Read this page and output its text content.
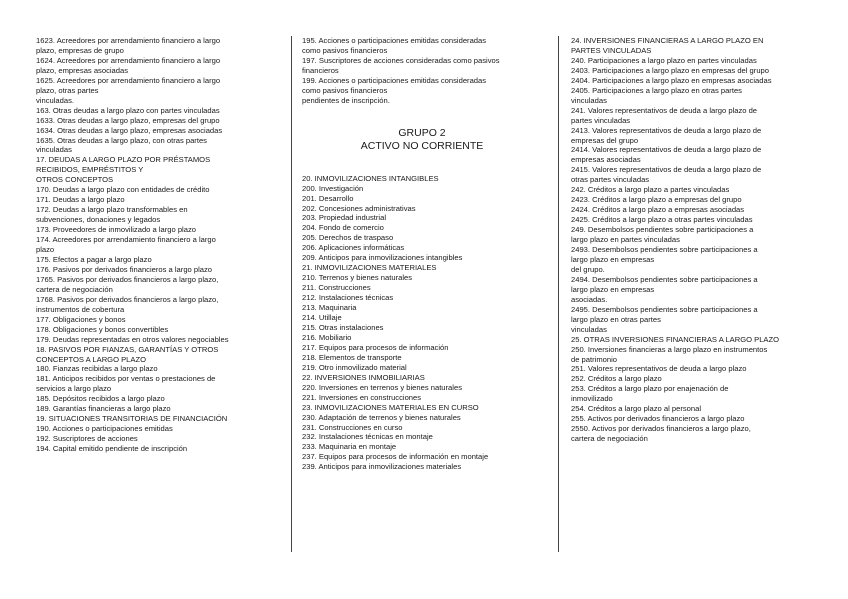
1623. Acreedores por arrendamiento financiero a largo
plazo, empresas de grupo
1624. Acreedores por arrendamiento financiero a largo
plazo, empresas asociadas
1625. Acreedores por arrendamiento financiero a largo
plazo, otras partes
vinculadas.
163. Otras deudas a largo plazo con partes vinculadas
1633. Otras deudas a largo plazo, empresas del grupo
1634. Otras deudas a largo plazo, empresas asociadas
1635. Otras deudas a largo plazo, con otras partes
vinculadas
17. DEUDAS A LARGO PLAZO POR PRÉSTAMOS
RECIBIDOS, EMPRÉSTITOS Y
OTROS CONCEPTOS
170. Deudas a largo plazo con entidades de crédito
171. Deudas a largo plazo
172. Deudas a largo plazo transformables en
subvenciones, donaciones y legados
173. Proveedores de inmovilizado a largo plazo
174. Acreedores por arrendamiento financiero a largo
plazo
175. Efectos a pagar a largo plazo
176. Pasivos por derivados financieros a largo plazo
1765. Pasivos por derivados financieros a largo plazo,
cartera de negociación
1768. Pasivos por derivados financieros a largo plazo,
instrumentos de cobertura
177. Obligaciones y bonos
178. Obligaciones y bonos convertibles
179. Deudas representadas en otros valores negociables
18. PASIVOS POR FIANZAS, GARANTÍAS Y OTROS
CONCEPTOS A LARGO PLAZO
180. Fianzas recibidas a largo plazo
181. Anticipos recibidos por ventas o prestaciones de
servicios a largo plazo
185. Depósitos recibidos a largo plazo
189. Garantías financieras a largo plazo
19. SITUACIONES TRANSITORIAS DE FINANCIACIÓN
190. Acciones o participaciones emitidas
192. Suscriptores de acciones
194. Capital emitido pendiente de inscripción
195. Acciones o participaciones emitidas consideradas
como pasivos financieros
197. Suscriptores de acciones consideradas como pasivos
financieros
199. Acciones o participaciones emitidas consideradas
como pasivos financieros
pendientes de inscripción.
GRUPO 2
ACTIVO NO CORRIENTE
20. INMOVILIZACIONES INTANGIBLES
200. Investigación
201. Desarrollo
202. Concesiones administrativas
203. Propiedad industrial
204. Fondo de comercio
205. Derechos de traspaso
206. Aplicaciones informáticas
209. Anticipos para inmovilizaciones intangibles
21. INMOVILIZACIONES MATERIALES
210. Terrenos y bienes naturales
211. Construcciones
212. Instalaciones técnicas
213. Maquinaria
214. Utillaje
215. Otras instalaciones
216. Mobiliario
217. Equipos para procesos de información
218. Elementos de transporte
219. Otro inmovilizado material
22. INVERSIONES INMOBILIARIAS
220. Inversiones en terrenos y bienes naturales
221. Inversiones en construcciones
23. INMOVILIZACIONES MATERIALES EN CURSO
230. Adaptación de terrenos y bienes naturales
231. Construcciones en curso
232. Instalaciones técnicas en montaje
233. Maquinaria en montaje
237. Equipos para procesos de información en montaje
239. Anticipos para inmovilizaciones materiales
24. INVERSIONES FINANCIERAS A LARGO PLAZO EN
PARTES VINCULADAS
240. Participaciones a largo plazo en partes vinculadas
2403. Participaciones a largo plazo en empresas del grupo
2404. Participaciones a largo plazo en empresas asociadas
2405. Participaciones a largo plazo en otras partes
vinculadas
241. Valores representativos de deuda a largo plazo de
partes vinculadas
2413. Valores representativos de deuda a largo plazo de
empresas del grupo
2414. Valores representativos de deuda a largo plazo de
empresas asociadas
2415. Valores representativos de deuda a largo plazo de
otras partes vinculadas
242. Créditos a largo plazo a partes vinculadas
2423. Créditos a largo plazo a empresas del grupo
2424. Créditos a largo plazo a empresas asociadas
2425. Créditos a largo plazo a otras partes vinculadas
249. Desembolsos pendientes sobre participaciones a
largo plazo en partes vinculadas
2493. Desembolsos pendientes sobre participaciones a
largo plazo en empresas
del grupo.
2494. Desembolsos pendientes sobre participaciones a
largo plazo en empresas
asociadas.
2495. Desembolsos pendientes sobre participaciones a
largo plazo en otras partes
vinculadas
25. OTRAS INVERSIONES FINANCIERAS A LARGO PLAZO
250. Inversiones financieras a largo plazo en instrumentos
de patrimonio
251. Valores representativos de deuda a largo plazo
252. Créditos a largo plazo
253. Créditos a largo plazo por enajenación de
inmovilizado
254. Créditos a largo plazo al personal
255. Activos por derivados financieros a largo plazo
2550. Activos por derivados financieros a largo plazo,
cartera de negociación
